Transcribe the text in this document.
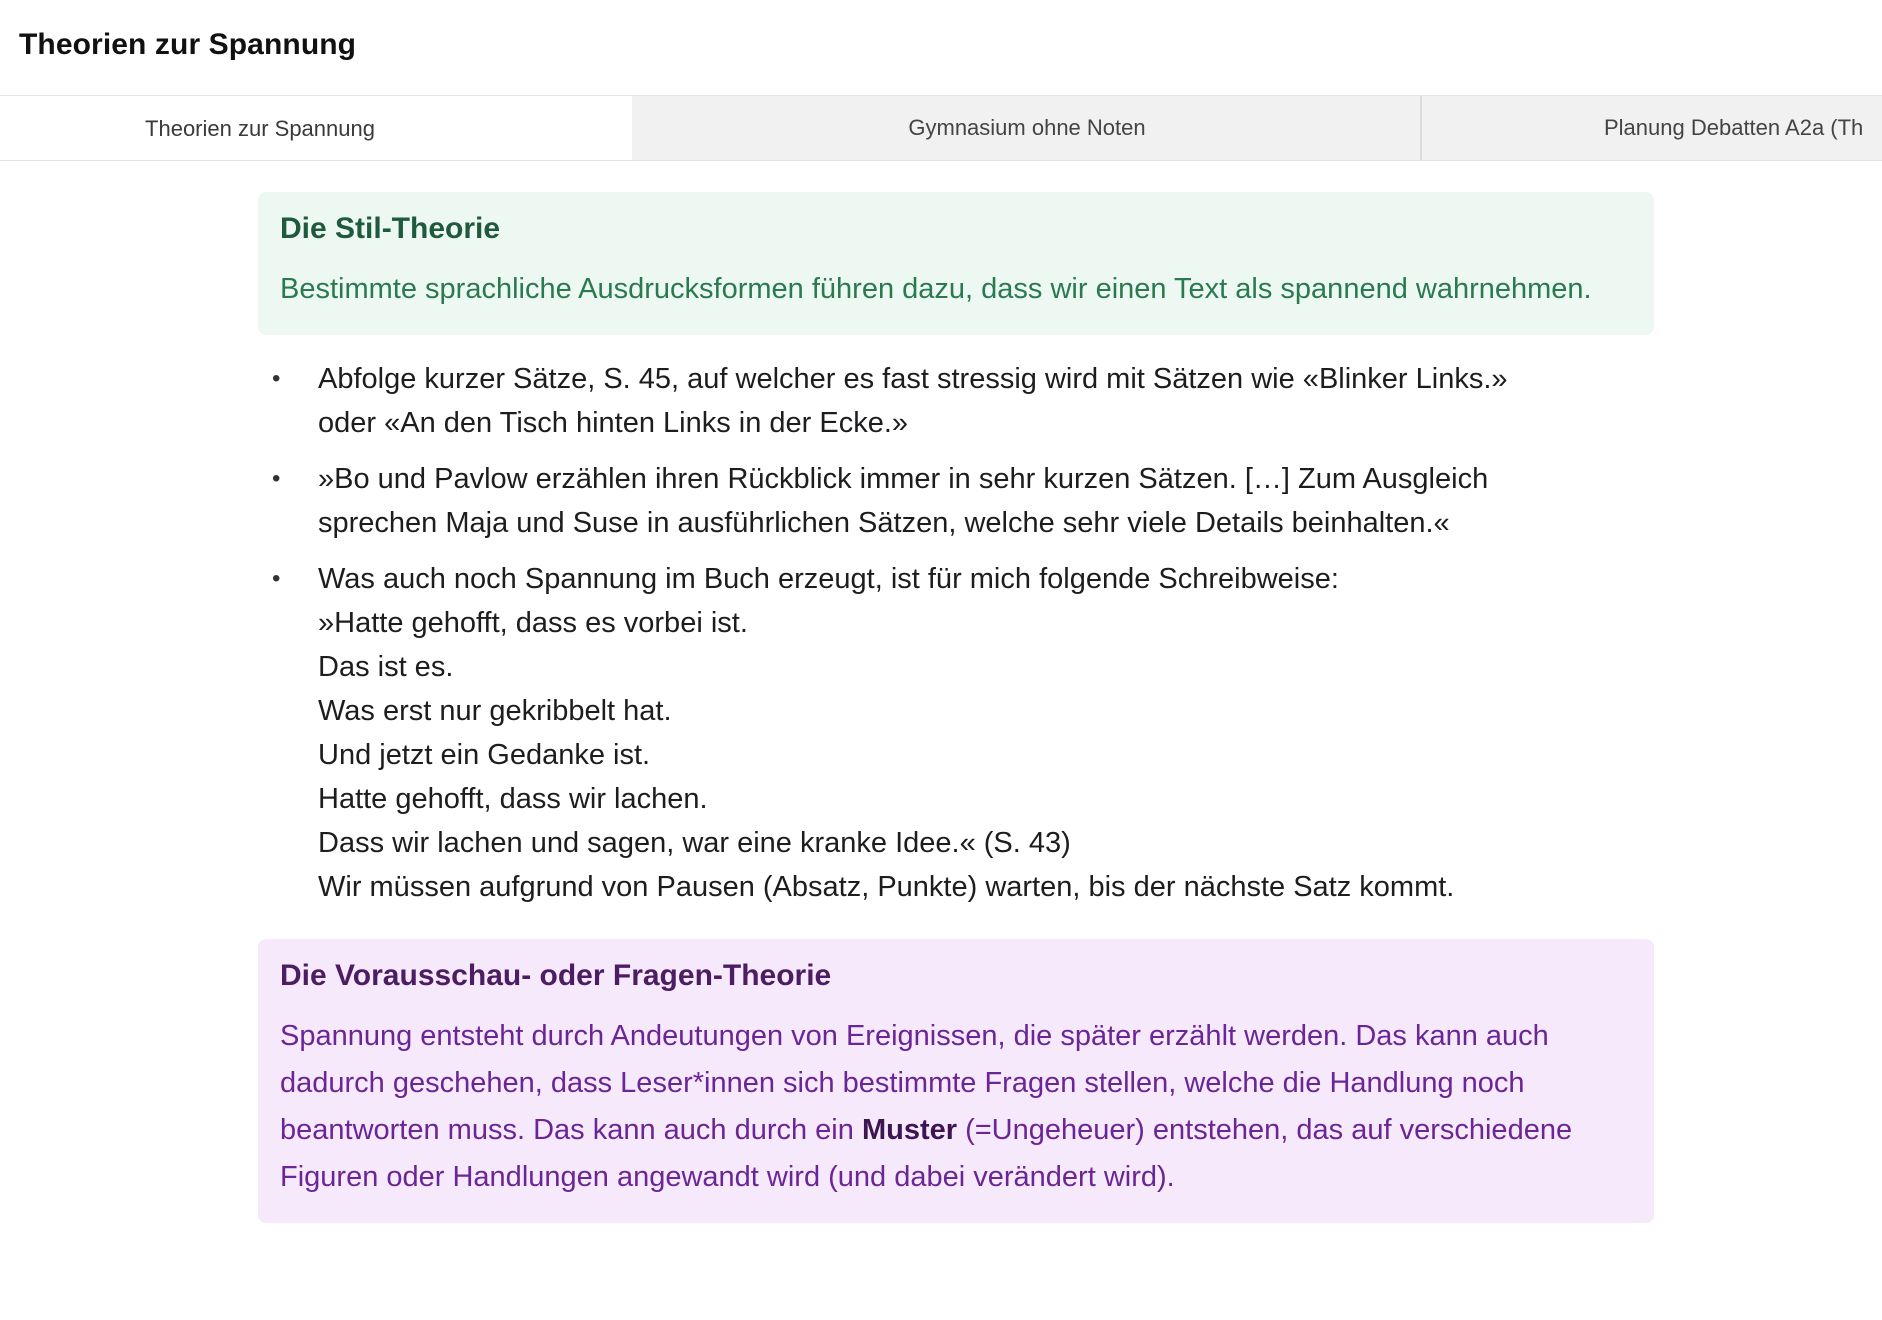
Theorien zur Spannung
Theorien zur Spannung	Gymnasium ohne Noten	Planung Debatten A2a (Th
Die Stil-Theorie

Bestimmte sprachliche Ausdrucksformen führen dazu, dass wir einen Text als spannend wahrnehmen.

• Abfolge kurzer Sätze, S. 45, auf welcher es fast stressig wird mit Sätzen wie «Blinker Links.»
oder «An den Tisch hinten Links in der Ecke.»
• »Bo und Pavlow erzählen ihren Rückblick immer in sehr kurzen Sätzen. […] Zum Ausgleich
sprechen Maja und Suse in ausführlichen Sätzen, welche sehr viele Details beinhalten.«
• Was auch noch Spannung im Buch erzeugt, ist für mich folgende Schreibweise:
»Hatte gehofft, dass es vorbei ist.
Das ist es.
Was erst nur gekribbelt hat.
Und jetzt ein Gedanke ist.
Hatte gehofft, dass wir lachen.
Dass wir lachen und sagen, war eine kranke Idee.« (S. 43)
Wir müssen aufgrund von Pausen (Absatz, Punkte) warten, bis der nächste Satz kommt.
Die Vorausschau- oder Fragen-Theorie

Spannung entsteht durch Andeutungen von Ereignissen, die später erzählt werden. Das kann auch dadurch geschehen, dass Leser*innen sich bestimmte Fragen stellen, welche die Handlung noch beantworten muss. Das kann auch durch ein Muster (=Ungeheuer) entstehen, das auf verschiedene Figuren oder Handlungen angewandt wird (und dabei verändert wird).
